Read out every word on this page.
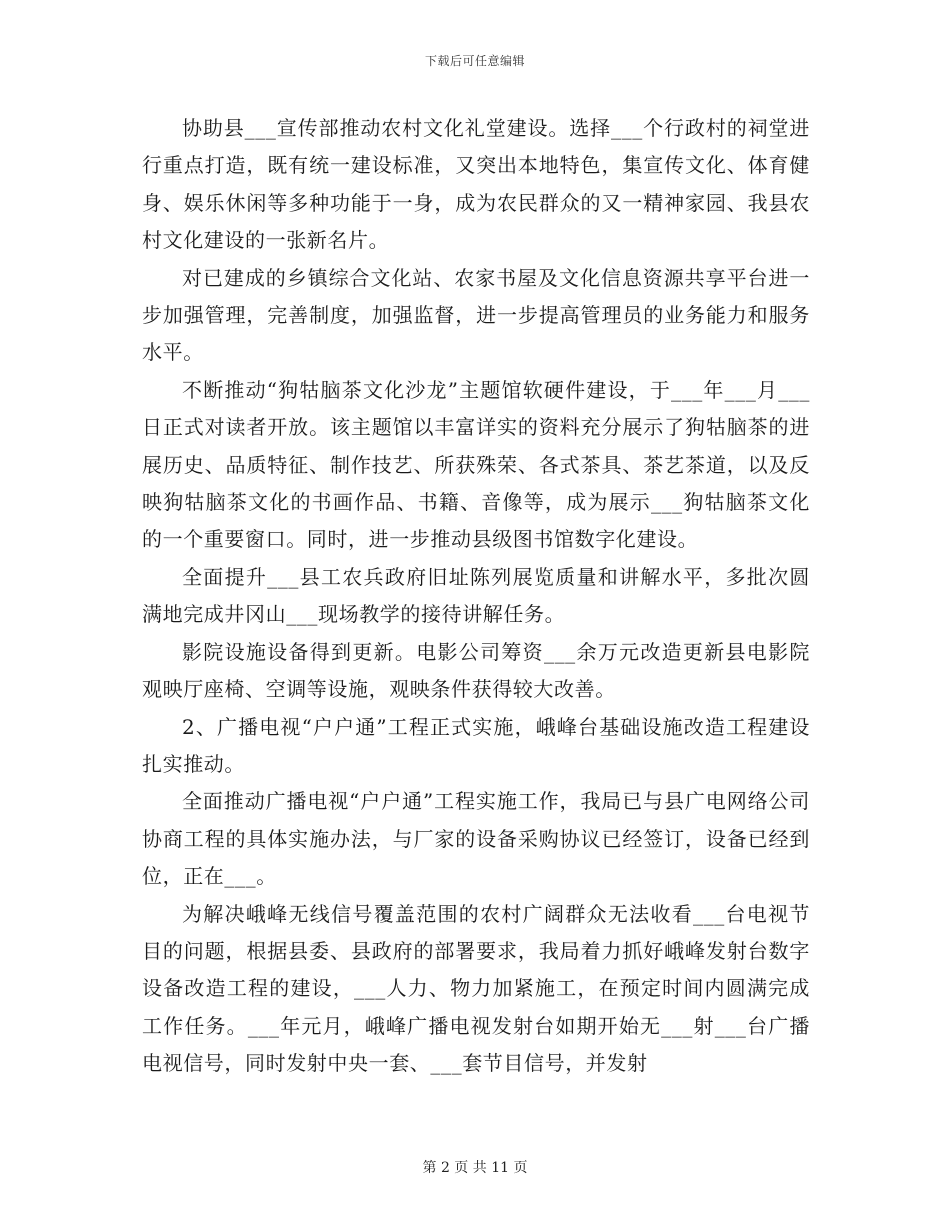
下载后可任意编辑

协助县___宣传部推动农村文化礼堂建设。选择___个行政村的祠堂进行重点打造，既有统一建设标准，又突出本地特色，集宣传文化、体育健身、娱乐休闲等多种功能于一身，成为农民群众的又一精神家园、我县农村文化建设的一张新名片。

对已建成的乡镇综合文化站、农家书屋及文化信息资源共享平台进一步加强管理，完善制度，加强监督，进一步提高管理员的业务能力和服务水平。

不断推动“狗牯脑茶文化沙龙”主题馆软硬件建设，于___年___月___日正式对读者开放。该主题馆以丰富详实的资料充分展示了狗牯脑茶的进展历史、品质特征、制作技艺、所获殊荣、各式茶具、茶艺茶道，以及反映狗牯脑茶文化的书画作品、书籍、音像等，成为展示___狗牯脑茶文化的一个重要窗口。同时，进一步推动县级图书馆数字化建设。

全面提升___县工农兵政府旧址陈列展览质量和讲解水平，多批次圆满地完成井冈山___现场教学的接待讲解任务。

影院设施设备得到更新。电影公司筹资___余万元改造更新县电影院观映厅座椅、空调等设施，观映条件获得较大改善。

2、广播电视“户户通”工程正式实施，峨峰台基础设施改造工程建设扎实推动。

全面推动广播电视“户户通”工程实施工作，我局已与县广电网络公司协商工程的具体实施办法，与厂家的设备采购协议已经签订，设备已经到位，正在___。

为解决峨峰无线信号覆盖范围的农村广阔群众无法收看___台电视节目的问题，根据县委、县政府的部署要求，我局着力抓好峨峰发射台数字设备改造工程的建设，___人力、物力加紧施工，在预定时间内圆满完成工作任务。___年元月，峨峰广播电视发射台如期开始无___射___台广播电视信号，同时发射中央一套、___套节目信号，并发射

第 2 页 共 11 页
